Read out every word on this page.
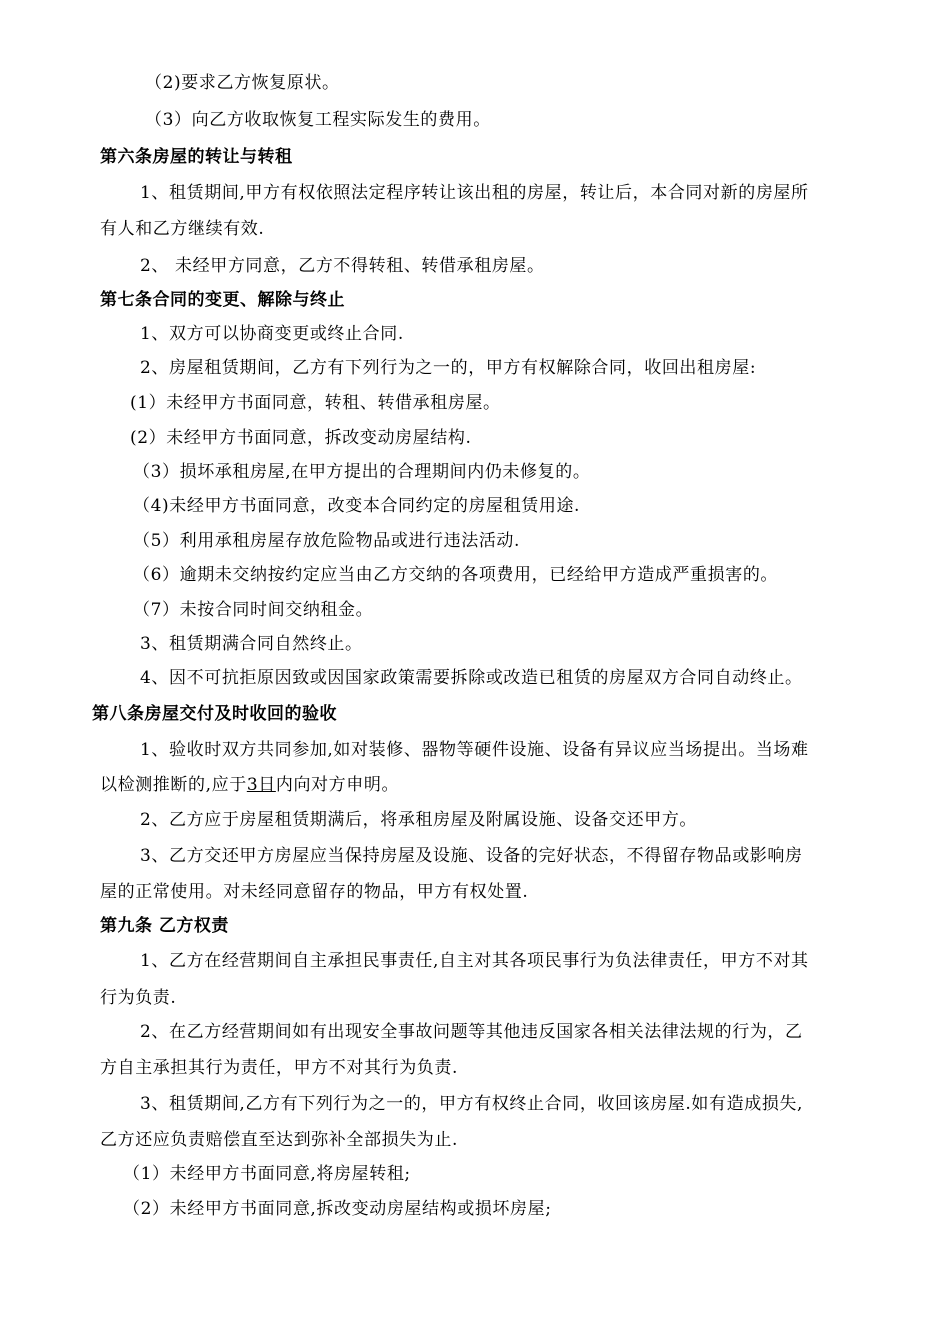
（2)要求乙方恢复原状。

（3）向乙方收取恢复工程实际发生的费用。

第六条房屋的转让与转租

1、租赁期间,甲方有权依照法定程序转让该出租的房屋，转让后，本合同对新的房屋所

有人和乙方继续有效.

2、 未经甲方同意，乙方不得转租、转借承租房屋。

第七条合同的变更、解除与终止

1、双方可以协商变更或终止合同.

2、房屋租赁期间，乙方有下列行为之一的，甲方有权解除合同，收回出租房屋:

(1）未经甲方书面同意，转租、转借承租房屋。

(2）未经甲方书面同意，拆改变动房屋结构.

（3）损坏承租房屋,在甲方提出的合理期间内仍未修复的。

（4)未经甲方书面同意，改变本合同约定的房屋租赁用途.

（5）利用承租房屋存放危险物品或进行违法活动.

（6）逾期未交纳按约定应当由乙方交纳的各项费用，已经给甲方造成严重损害的。

（7）未按合同时间交纳租金。

3、租赁期满合同自然终止。

4、因不可抗拒原因致或因国家政策需要拆除或改造已租赁的房屋双方合同自动终止。

第八条房屋交付及时收回的验收

1、验收时双方共同参加,如对装修、器物等硬件设施、设备有异议应当场提出。当场难

以检测推断的,应于3日内向对方申明。

2、乙方应于房屋租赁期满后，将承租房屋及附属设施、设备交还甲方。

3、乙方交还甲方房屋应当保持房屋及设施、设备的完好状态，不得留存物品或影响房

屋的正常使用。对未经同意留存的物品，甲方有权处置.

第九条 乙方权责

1、乙方在经营期间自主承担民事责任,自主对其各项民事行为负法律责任，甲方不对其

行为负责.

2、在乙方经营期间如有出现安全事故问题等其他违反国家各相关法律法规的行为，乙

方自主承担其行为责任，甲方不对其行为负责.

3、租赁期间,乙方有下列行为之一的，甲方有权终止合同，收回该房屋.如有造成损失,

乙方还应负责赔偿直至达到弥补全部损失为止.

（1）未经甲方书面同意,将房屋转租;

（2）未经甲方书面同意,拆改变动房屋结构或损坏房屋;
